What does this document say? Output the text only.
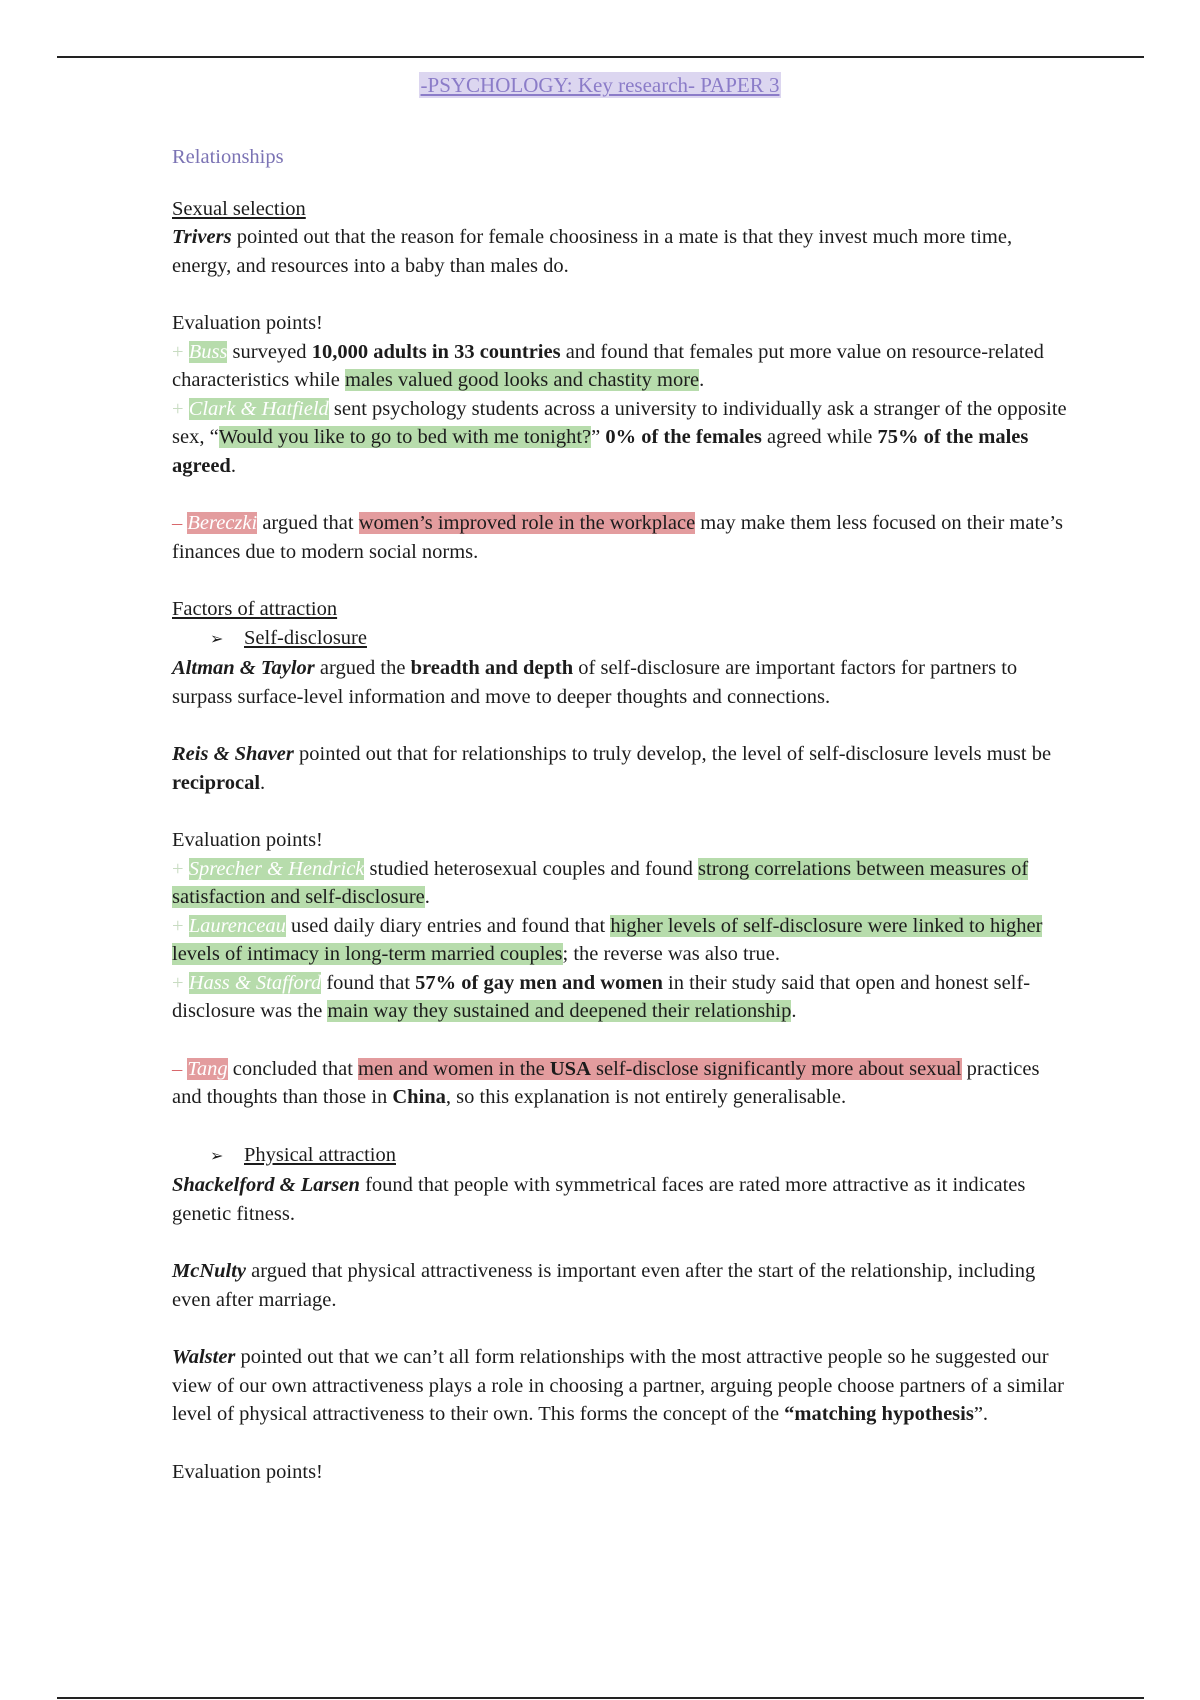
-PSYCHOLOGY: Key research- PAPER 3
Relationships

Sexual selection

Trivers pointed out that the reason for female choosiness in a mate is that they invest much more time, energy, and resources into a baby than males do.

Evaluation points!

+ Buss surveyed 10,000 adults in 33 countries and found that females put more value on resource-related characteristics while males valued good looks and chastity more.

+ Clark & Hatfield sent psychology students across a university to individually ask a stranger of the opposite sex, “Would you like to go to bed with me tonight?” 0% of the females agreed while 75% of the males agreed.

– Bereczki argued that women’s improved role in the workplace may make them less focused on their mate’s finances due to modern social norms.

Factors of attraction

➢ Self-disclosure

Altman & Taylor argued the breadth and depth of self-disclosure are important factors for partners to surpass surface-level information and move to deeper thoughts and connections.

Reis & Shaver pointed out that for relationships to truly develop, the level of self-disclosure levels must be reciprocal.

Evaluation points!

+ Sprecher & Hendrick studied heterosexual couples and found strong correlations between measures of satisfaction and self-disclosure.

+ Laurenceau used daily diary entries and found that higher levels of self-disclosure were linked to higher levels of intimacy in long-term married couples; the reverse was also true.

+ Hass & Stafford found that 57% of gay men and women in their study said that open and honest self-disclosure was the main way they sustained and deepened their relationship.

– Tang concluded that men and women in the USA self-disclose significantly more about sexual practices and thoughts than those in China, so this explanation is not entirely generalisable.

➢ Physical attraction

Shackelford & Larsen found that people with symmetrical faces are rated more attractive as it indicates genetic fitness.

McNulty argued that physical attractiveness is important even after the start of the relationship, including even after marriage.

Walster pointed out that we can’t all form relationships with the most attractive people so he suggested our view of our own attractiveness plays a role in choosing a partner, arguing people choose partners of a similar level of physical attractiveness to their own. This forms the concept of the “matching hypothesis”.

Evaluation points!
